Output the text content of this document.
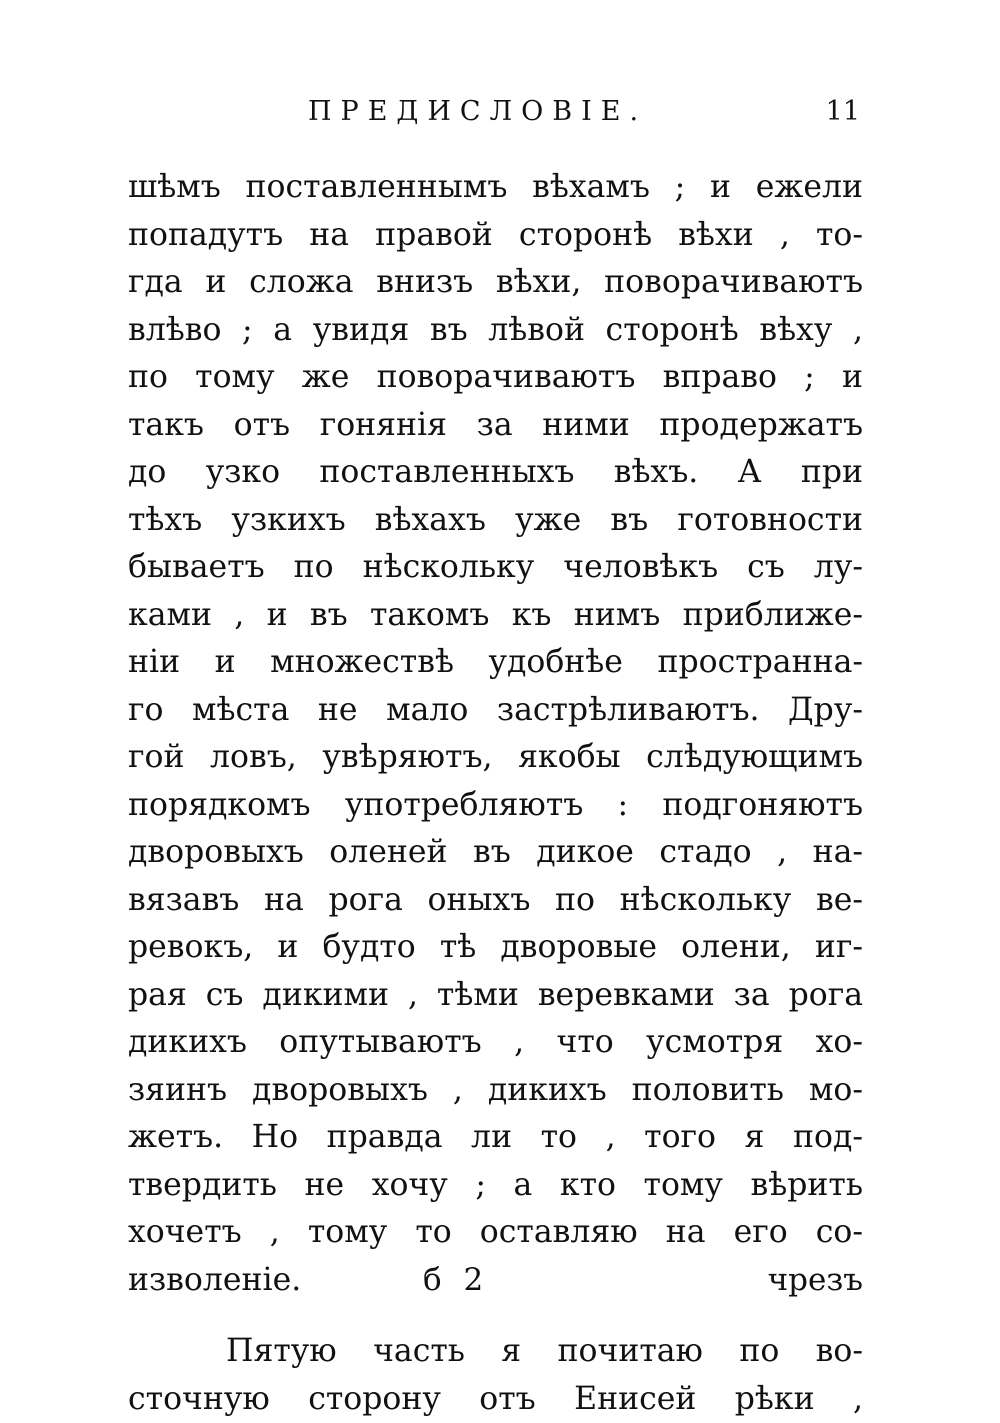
ПРЕДИСЛОВІЕ.	11
шѣмъ поставленнымъ вѣхамъ ; и ежели
попадутъ на правой стоpонѣ вѣхи , то-
гда и сложа внизъ вѣхи, поворачиваютъ
влѣво ; а увидя въ лѣвой стоpонѣ вѣху ,
по тому же поворачиваютъ вправо ; и
такъ отъ гонянія за ними продержатъ
до узко поставленныхъ вѣхъ. А при
тѣхъ узкихъ вѣхахъ уже въ готовности
бываетъ по нѣскольку человѣкъ съ лу-
ками , и въ такомъ къ нимъ приближе-
ніи и множествѣ удобнѣе пространна-
го мѣста не мало застрѣливаютъ. Дру-
гой ловъ, увѣряютъ, якобы слѣдующимъ
порядкомъ употребляютъ : подгоняютъ
дворовыхъ оленей въ дикое стадо , на-
вязавъ на рога оныхъ по нѣскольку ве-
ревокъ, и будто тѣ дворовые олени, иг-
рая съ дикими , тѣми веревками за рога
дикихъ опутываютъ , что усмотря хо-
зяинъ дворовыхъ , дикихъ половить мо-
жетъ. Но правда ли то , того я под-
твердить не хочу ; а кто тому вѣрить
хочетъ , тому то оставляю на его со-
изволеніе.
Пятую часть я почитаю по во-
сточную сторону отъ Енисей рѣки ,
б 2	чрезъ
